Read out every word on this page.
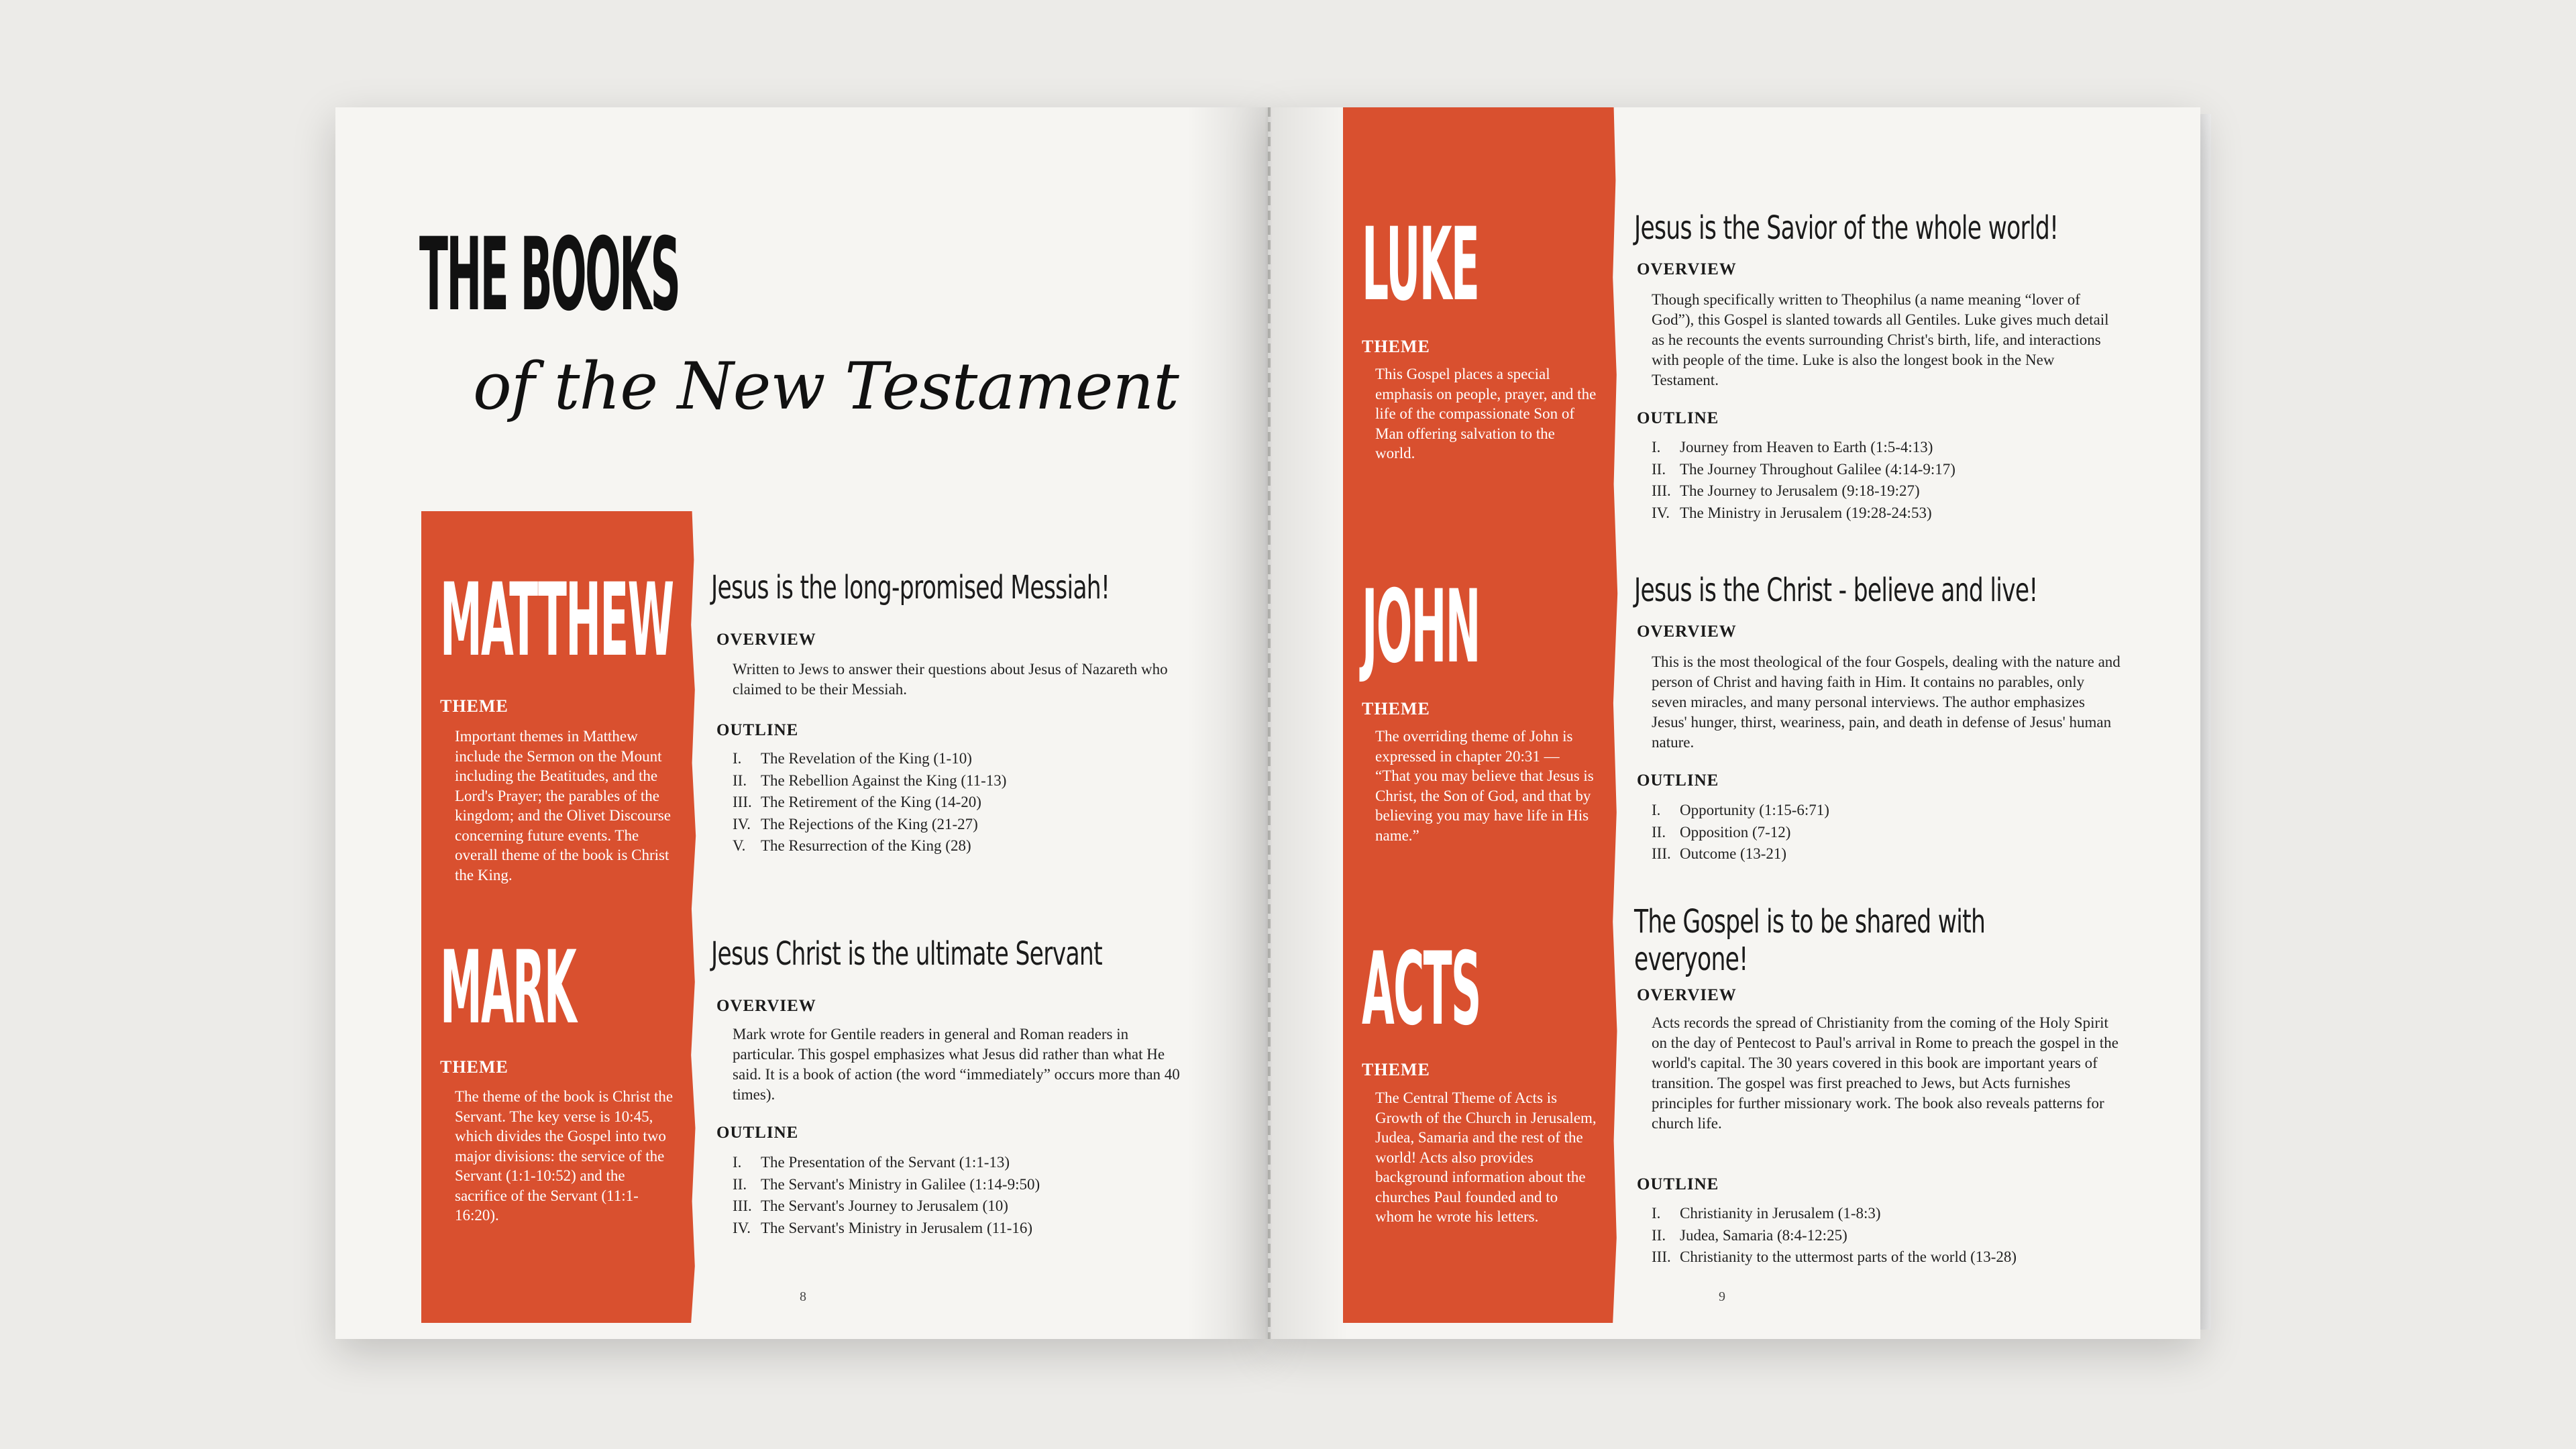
8	9
THE BOOKS
of the New Testament
MATTHEW
THEME
Important themes in Matthew include the Sermon on the Mount including the Beatitudes, and the Lord's Prayer; the parables of the kingdom; and the Olivet Discourse concerning future events. The overall theme of the book is Christ the King.
Jesus is the long-promised Messiah!
OVERVIEW
Written to Jews to answer their questions about Jesus of Nazareth who claimed to be their Messiah.
OUTLINE
I. The Revelation of the King (1-10)
II. The Rebellion Against the King (11-13)
III. The Retirement of the King (14-20)
IV. The Rejections of the King (21-27)
V. The Resurrection of the King (28)
MARK
THEME
The theme of the book is Christ the Servant. The key verse is 10:45, which divides the Gospel into two major divisions: the service of the Servant (1:1-10:52) and the sacrifice of the Servant (11:1-16:20).
Jesus Christ is the ultimate Servant
OVERVIEW
Mark wrote for Gentile readers in general and Roman readers in particular. This gospel emphasizes what Jesus did rather than what He said. It is a book of action (the word “immediately” occurs more than 40 times).
OUTLINE
I. The Presentation of the Servant (1:1-13)
II. The Servant's Ministry in Galilee (1:14-9:50)
III. The Servant's Journey to Jerusalem (10)
IV. The Servant's Ministry in Jerusalem (11-16)
LUKE
THEME
This Gospel places a special emphasis on people, prayer, and the life of the compassionate Son of Man offering salvation to the world.
Jesus is the Savior of the whole world!
OVERVIEW
Though specifically written to Theophilus (a name meaning “lover of God”), this Gospel is slanted towards all Gentiles. Luke gives much detail as he recounts the events surrounding Christ's birth, life, and interactions with people of the time. Luke is also the longest book in the New Testament.
OUTLINE
I. Journey from Heaven to Earth (1:5-4:13)
II. The Journey Throughout Galilee (4:14-9:17)
III. The Journey to Jerusalem (9:18-19:27)
IV. The Ministry in Jerusalem (19:28-24:53)
JOHN
THEME
The overriding theme of John is expressed in chapter 20:31 — “That you may believe that Jesus is Christ, the Son of God, and that by believing you may have life in His name.”
Jesus is the Christ - believe and live!
OVERVIEW
This is the most theological of the four Gospels, dealing with the nature and person of Christ and having faith in Him. It contains no parables, only seven miracles, and many personal interviews. The author emphasizes Jesus' hunger, thirst, weariness, pain, and death in defense of Jesus' human nature.
OUTLINE
I. Opportunity (1:15-6:71)
II. Opposition (7-12)
III. Outcome (13-21)
ACTS
THEME
The Central Theme of Acts is Growth of the Church in Jerusalem, Judea, Samaria and the rest of the world! Acts also provides background information about the churches Paul founded and to whom he wrote his letters.
The Gospel is to be shared with everyone!
OVERVIEW
Acts records the spread of Christianity from the coming of the Holy Spirit on the day of Pentecost to Paul's arrival in Rome to preach the gospel in the world's capital. The 30 years covered in this book are important years of transition. The gospel was first preached to Jews, but Acts furnishes principles for further missionary work. The book also reveals patterns for church life.
OUTLINE
I. Christianity in Jerusalem (1-8:3)
II. Judea, Samaria (8:4-12:25)
III. Christianity to the uttermost parts of the world (13-28)
